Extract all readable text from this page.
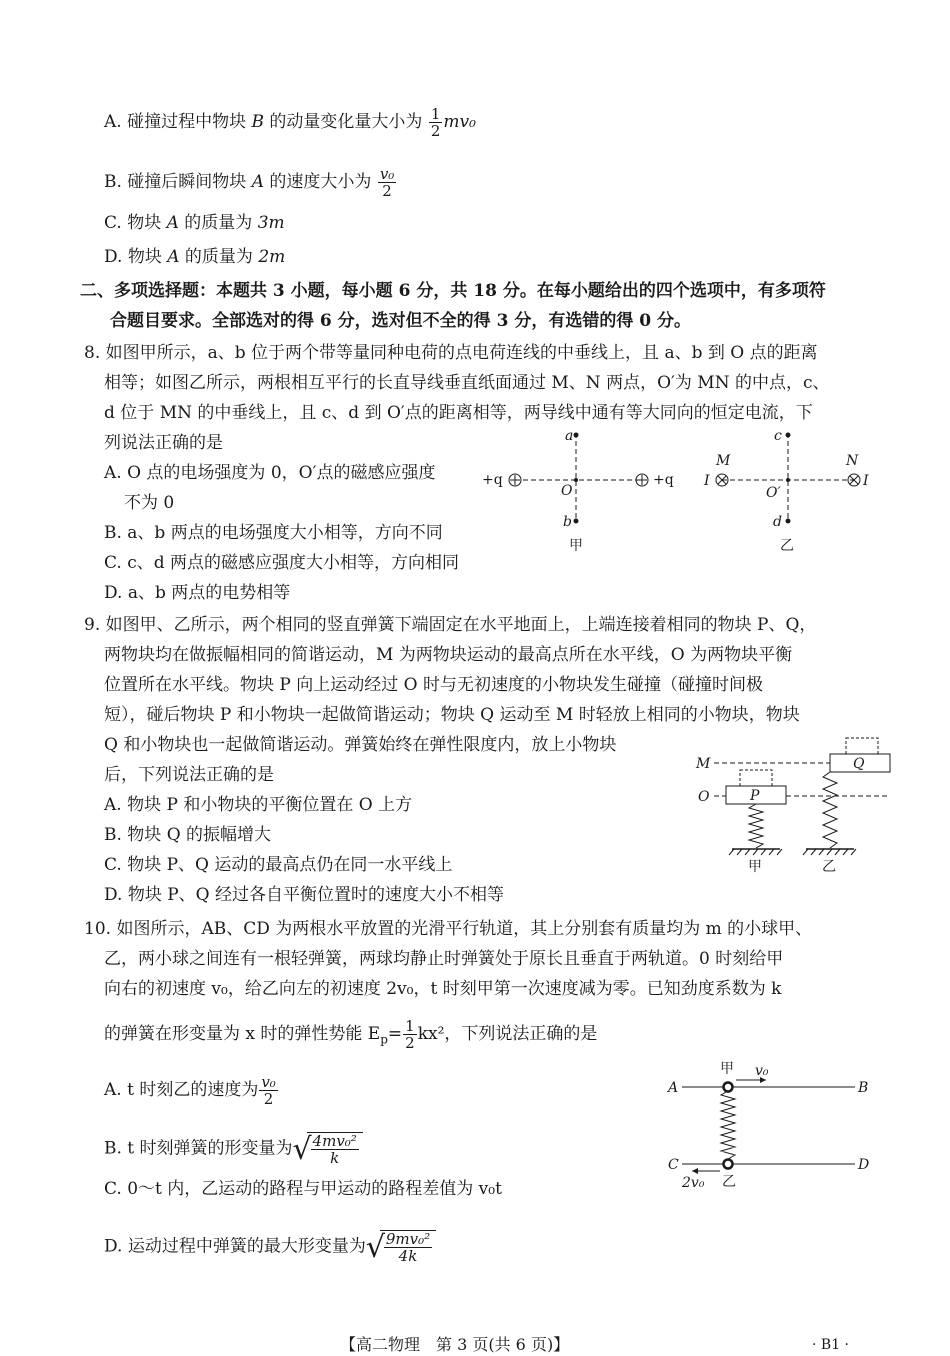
A. 碰撞过程中物块 B 的动量变化量大小为 $\frac{1}{2} mv_0$
B. 碰撞后瞬间物块 A 的速度大小为 $\frac{\text{v₀}}{2}$
C. 物块 A 的质量为 3m
D. 物块 A 的质量为 2m
二、多项选择题：本题共 3 小题，每小题 6 分，共 18 分。在每小题给出的四个选项中，有多项符
合题目要求。全部选对的得 6 分，选对但不全的得 3 分，有选错的得 0 分。
8. 如图甲所示，a、b 位于两个带等量同种电荷的点电荷连线的中垂线上，且 a、b 到 O 点的距离
相等；如图乙所示，两根相互平行的长直导线垂直纸面通过 M、N 两点，O′为 MN 的中点，c、
d 位于 MN 的中垂线上，且 c、d 到 O′点的距离相等，两导线中通有等大同向的恒定电流，下
列说法正确的是
A. O 点的电场强度为 0，O′点的磁感应强度
不为 0
B. a、b 两点的电场强度大小相等，方向不同
C. c、d 两点的磁感应强度大小相等，方向相同
D. a、b 两点的电势相等
a
b
O
+q	+q
甲
c
d
O′
M	N
I	I
乙
9. 如图甲、乙所示，两个相同的竖直弹簧下端固定在水平地面上，上端连接着相同的物块 P、Q，
两物块均在做振幅相同的简谐运动，M 为两物块运动的最高点所在水平线，O 为两物块平衡
位置所在水平线。物块 P 向上运动经过 O 时与无初速度的小物块发生碰撞（碰撞时间极
短），碰后物块 P 和小物块一起做简谐运动；物块 Q 运动至 M 时轻放上相同的小物块，物块
Q 和小物块也一起做简谐运动。弹簧始终在弹性限度内，放上小物块
后，下列说法正确的是
A. 物块 P 和小物块的平衡位置在 O 上方
B. 物块 Q 的振幅增大
C. 物块 P、Q 运动的最高点仍在同一水平线上
D. 物块 P、Q 经过各自平衡位置时的速度大小不相等
M
O	P
甲
Q
乙
10. 如图所示，AB、CD 为两根水平放置的光滑平行轨道，其上分别套有质量均为 m 的小球甲、
乙，两小球之间连有一根轻弹簧，两球均静止时弹簧处于原长且垂直于两轨道。0 时刻给甲
向右的初速度 v₀，给乙向左的初速度 2v₀，t 时刻甲第一次速度减为零。已知劲度系数为 k
的弹簧在形变量为 x 时的弹性势能 $E_p= \frac{1}{2} kx^2$，下列说法正确的是
A. t 时刻乙的速度为 $\frac{\text{v₀}}{2}$
B. t 时刻弹簧的形变量为 √
$\frac{\text{4mv₀²}}{k}$
C. 0～t 内，乙运动的路程与甲运动的路程差值为 v₀t
D. 运动过程中弹簧的最大形变量为 √
$\frac{\text{9mv₀²}}{4k}$
A	B
C	D
甲
乙
v₀
2v₀
【高二物理　第 3 页(共 6 页)】	· B1 ·
